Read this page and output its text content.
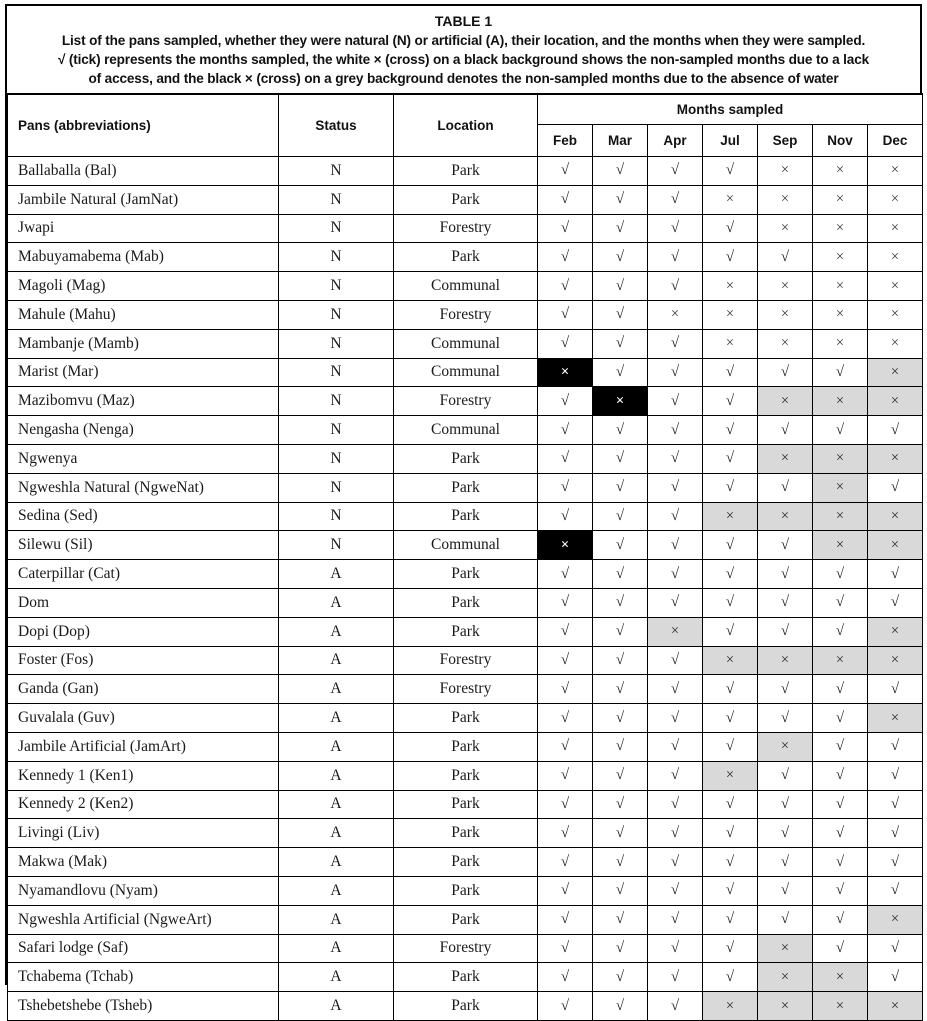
TABLE 1
List of the pans sampled, whether they were natural (N) or artificial (A), their location, and the months when they were sampled.
√ (tick) represents the months sampled, the white × (cross) on a black background shows the non-sampled months due to a lack
of access, and the black × (cross) on a grey background denotes the non-sampled months due to the absence of water
Pans (abbreviations)	Status	Location	Months sampled						
			Feb	Mar	Apr	Jul	Sep	Nov	Dec
Ballaballa (Bal)	N	Park	√	√	√	√	×	×	×
Jambile Natural (JamNat)	N	Park	√	√	√	×	×	×	×
Jwapi	N	Forestry	√	√	√	√	×	×	×
Mabuyamabema (Mab)	N	Park	√	√	√	√	√	×	×
Magoli (Mag)	N	Communal	√	√	√	×	×	×	×
Mahule (Mahu)	N	Forestry	√	√	×	×	×	×	×
Mambanje (Mamb)	N	Communal	√	√	√	×	×	×	×
Marist (Mar)	N	Communal	×	√	√	√	√	√	×
Mazibomvu (Maz)	N	Forestry	√	×	√	√	×	×	×
Nengasha (Nenga)	N	Communal	√	√	√	√	√	√	√
Ngwenya	N	Park	√	√	√	√	×	×	×
Ngweshla Natural (NgweNat)	N	Park	√	√	√	√	√	×	√
Sedina (Sed)	N	Park	√	√	√	×	×	×	×
Silewu (Sil)	N	Communal	×	√	√	√	√	×	×
Caterpillar (Cat)	A	Park	√	√	√	√	√	√	√
Dom	A	Park	√	√	√	√	√	√	√
Dopi (Dop)	A	Park	√	√	×	√	√	√	×
Foster (Fos)	A	Forestry	√	√	√	×	×	×	×
Ganda (Gan)	A	Forestry	√	√	√	√	√	√	√
Guvalala (Guv)	A	Park	√	√	√	√	√	√	×
Jambile Artificial (JamArt)	A	Park	√	√	√	√	×	√	√
Kennedy 1 (Ken1)	A	Park	√	√	√	×	√	√	√
Kennedy 2 (Ken2)	A	Park	√	√	√	√	√	√	√
Livingi (Liv)	A	Park	√	√	√	√	√	√	√
Makwa (Mak)	A	Park	√	√	√	√	√	√	√
Nyamandlovu (Nyam)	A	Park	√	√	√	√	√	√	√
Ngweshla Artificial (NgweArt)	A	Park	√	√	√	√	√	√	×
Safari lodge (Saf)	A	Forestry	√	√	√	√	×	√	√
Tchabema (Tchab)	A	Park	√	√	√	√	×	×	√
Tshebetshebe (Tsheb)	A	Park	√	√	√	×	×	×	×
